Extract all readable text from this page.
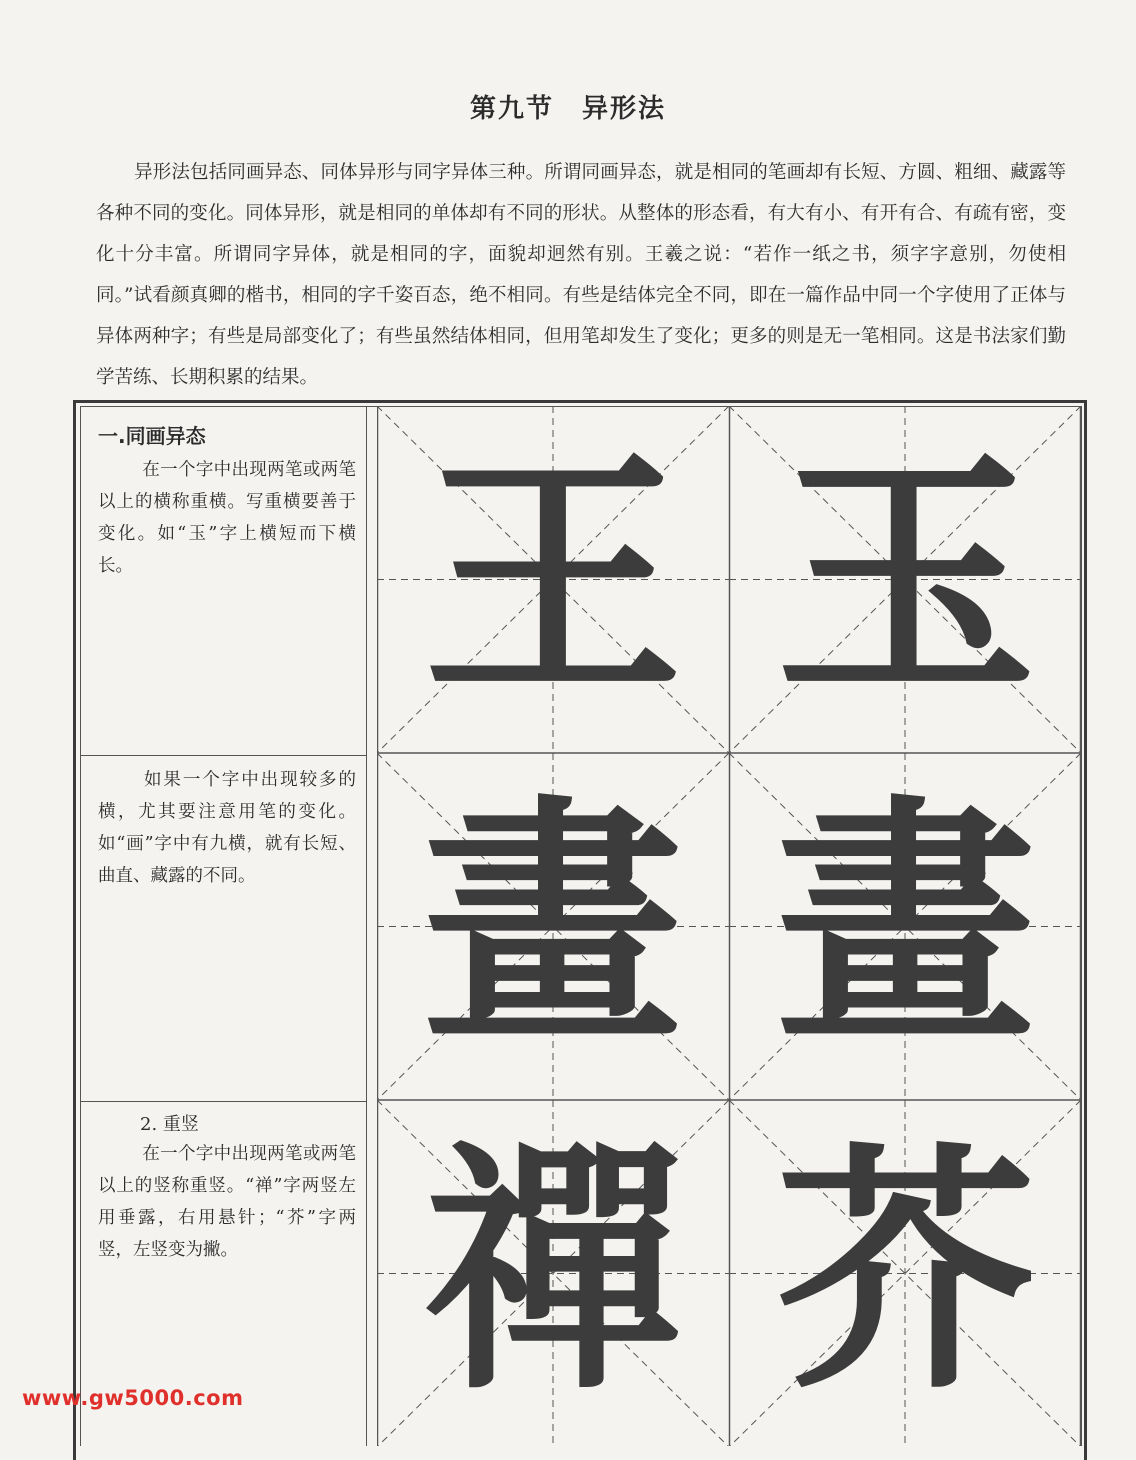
第九节　异形法

异形法包括同画异态、同体异形与同字异体三种。所谓同画异态，就是相同的笔画却有长短、方圆、粗细、藏露等各种不同的变化。同体异形，就是相同的单体却有不同的形状。从整体的形态看，有大有小、有开有合、有疏有密，变化十分丰富。所谓同字异体，就是相同的字，面貌却迥然有别。王羲之说：“若作一纸之书，须字字意别，勿使相同。”试看颜真卿的楷书，相同的字千姿百态，绝不相同。有些是结体完全不同，即在一篇作品中同一个字使用了正体与异体两种字；有些是局部变化了；有些虽然结体相同，但用笔却发生了变化；更多的则是无一笔相同。这是书法家们勤学苦练、长期积累的结果。

一.同画异态

在一个字中出现两笔或两笔以上的横称重横。写重横要善于变化。如“玉”字上横短而下横长。

如果一个字中出现较多的横，尤其要注意用笔的变化。如“画”字中有九横，就有长短、曲直、藏露的不同。

2. 重竖

在一个字中出现两笔或两笔以上的竖称重竖。“禅”字两竖左用垂露，右用悬针；“芥”字两竖，左竖变为撇。

王 玉
畫 畫
禪 芥
www.gw5000.com
